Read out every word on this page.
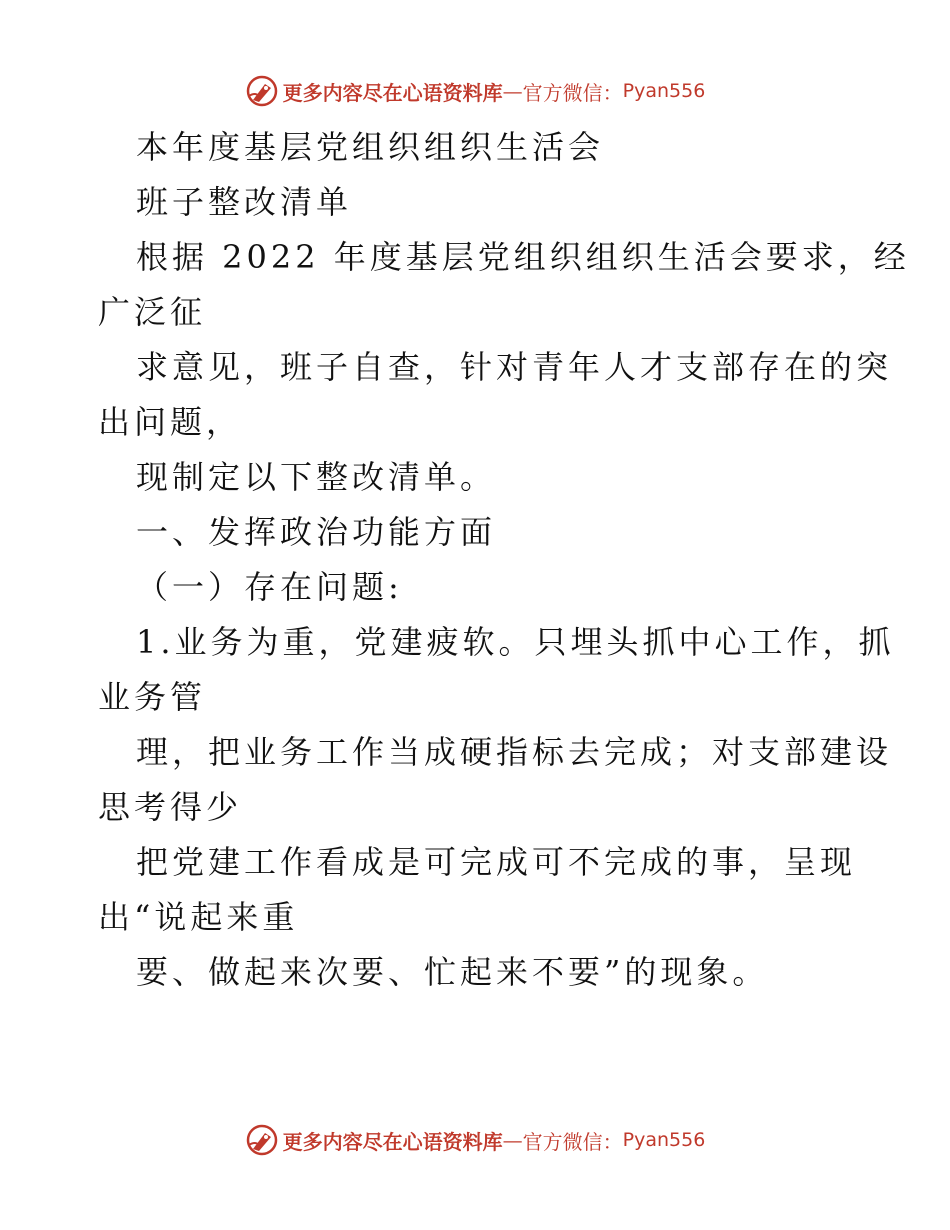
更多内容尽在心语资料库 — 官方微信： Pyan556
本年度基层党组织组织生活会
班子整改清单
根据 2022 年度基层党组织组织生活会要求，经
广泛征
求意见，班子自查，针对青年人才支部存在的突
出问题，
现制定以下整改清单。
一、发挥政治功能方面
（一）存在问题:
1.业务为重，党建疲软。只埋头抓中心工作，抓
业务管
理，把业务工作当成硬指标去完成；对支部建设
思考得少
把党建工作看成是可完成可不完成的事，呈现
出“说起来重
要、做起来次要、忙起来不要”的现象。
更多内容尽在心语资料库 — 官方微信： Pyan556
